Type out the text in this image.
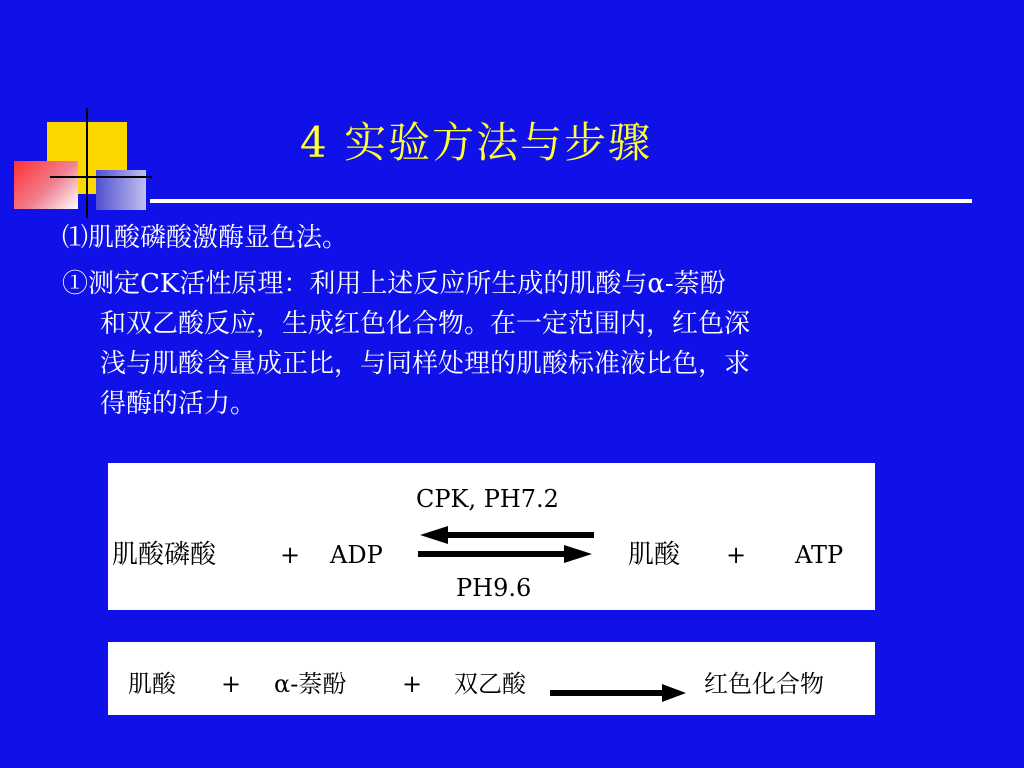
4 实验方法与步骤

⑴肌酸磷酸激酶显色法。

①测定CK活性原理：利用上述反应所生成的肌酸与α-萘酚
和双乙酸反应，生成红色化合物。在一定范围内，红色深
浅与肌酸含量成正比，与同样处理的肌酸标准液比色，求
得酶的活力。

肌酸磷酸	+ ADP
CPK, PH7.2
PH9.6
肌酸 + ATP
肌酸 + α-萘酚 + 双乙酸	红色化合物
